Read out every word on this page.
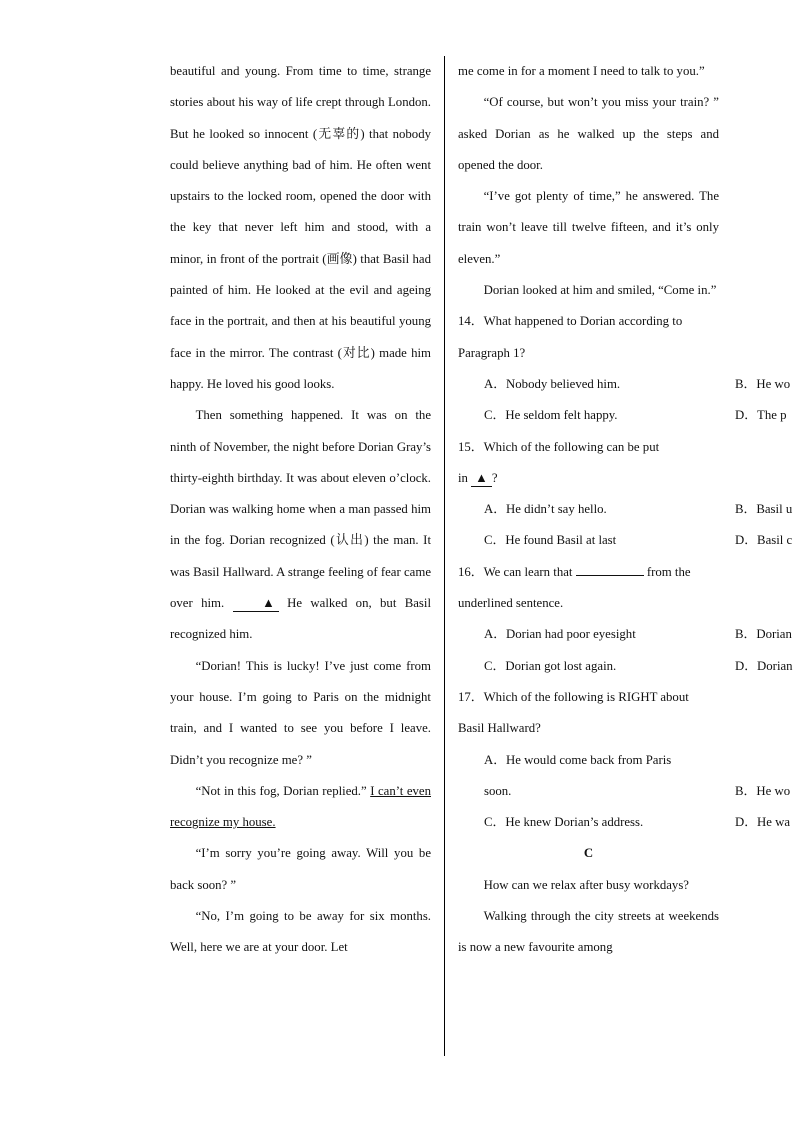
beautiful and young. From time to time, strange stories about his way of life crept through London. But he looked so innocent (无辜的) that nobody could believe anything bad of him. He often went upstairs to the locked room, opened the door with the key that never left him and stood, with a minor, in front of the portrait (画像) that Basil had painted of him. He looked at the evil and ageing face in the portrait, and then at his beautiful young face in the mirror. The contrast (对比) made him happy. He loved his good looks.

Then something happened. It was on the ninth of November, the night before Dorian Gray’s thirty-eighth birthday. It was about eleven o’clock. Dorian was walking home when a man passed him in the fog. Dorian recognized (认出) the man. It was Basil Hallward. A strange feeling of fear came over him.	▲ He walked on, but Basil recognized him.

“Dorian! This is lucky! I’ve just come from your house. I’m going to Paris on the midnight train, and I wanted to see you before I leave. Didn’t you recognize me? ”

“Not in this fog, Dorian replied.” I can’t even recognize my house.

“I’m sorry you’re going away. Will you be back soon? ”

“No, I’m going to be away for six months. Well, here we are at your door. Let

me come in for a moment I need to talk to you.”

“Of course, but won’t you miss your train? ” asked Dorian as he walked up the steps and opened the door.

“I’ve got plenty of time,” he answered. The train won’t leave till twelve fifteen, and it’s only eleven.”

Dorian looked at him and smiled, “Come in.”

14．What happened to Dorian according to Paragraph 1?

A．Nobody believed him.	B．He wo
C．He seldom felt happy.	D．The p

15．Which of the following can be put

in ▲ ?

A．He didn’t say hello.	B．Basil u
C．He found Basil at last	D．Basil c

16．We can learn that	from the underlined sentence.

A．Dorian had poor eyesight	B．Dorian
C．Dorian got lost again.	D．Dorian

17．Which of the following is RIGHT about Basil Hallward?

A．He would come back from Paris

soon.	B．He wo
C．He knew Dorian’s address.	D．He wa

C

How can we relax after busy workdays?

Walking through the city streets at weekends is now a new favourite among
